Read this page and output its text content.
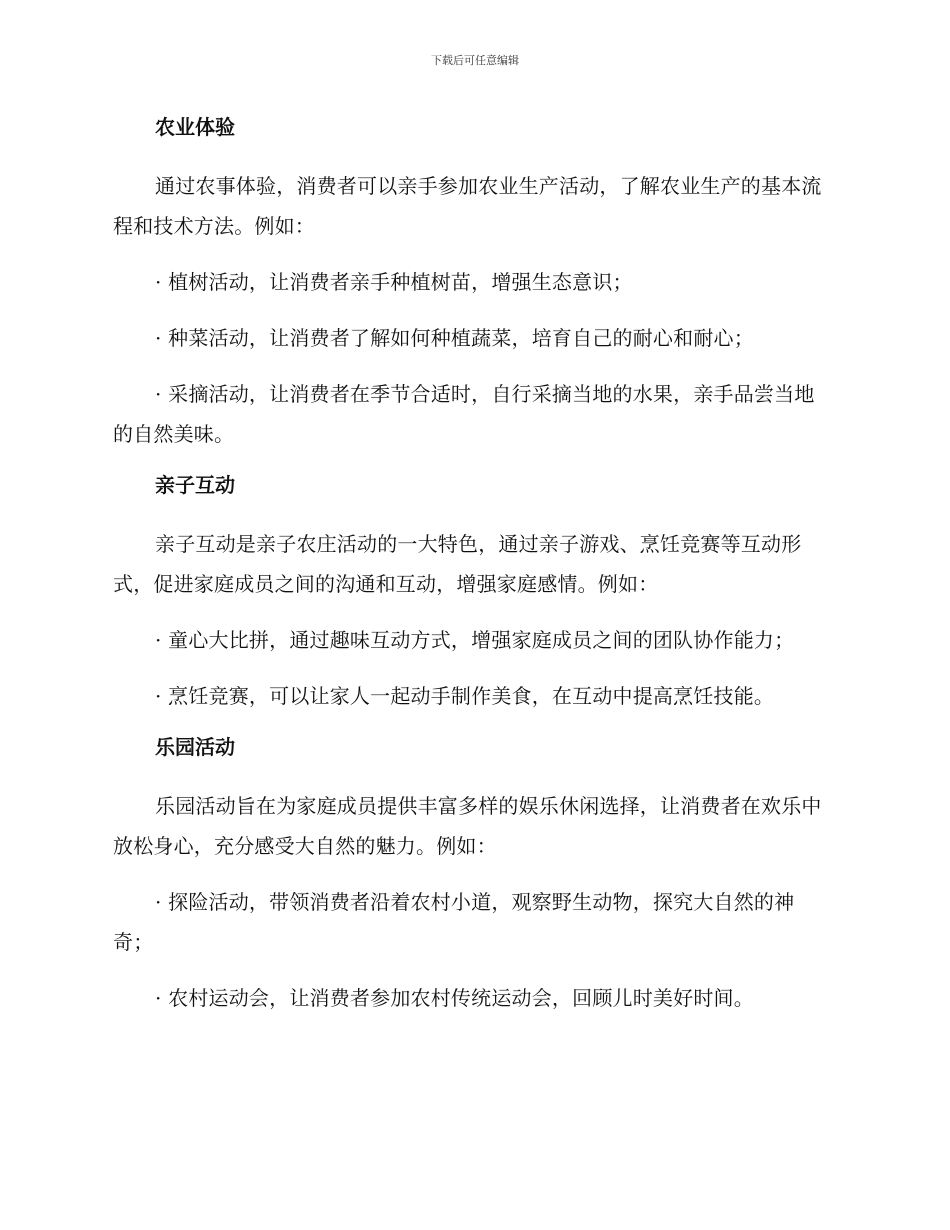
下载后可任意编辑
农业体验

通过农事体验，消费者可以亲手参加农业生产活动，了解农业生产的基本流程和技术方法。例如：

· 植树活动，让消费者亲手种植树苗，增强生态意识；

· 种菜活动，让消费者了解如何种植蔬菜，培育自己的耐心和耐心；

· 采摘活动，让消费者在季节合适时，自行采摘当地的水果，亲手品尝当地的自然美味。

亲子互动

亲子互动是亲子农庄活动的一大特色，通过亲子游戏、烹饪竞赛等互动形式，促进家庭成员之间的沟通和互动，增强家庭感情。例如：

· 童心大比拼，通过趣味互动方式，增强家庭成员之间的团队协作能力；

· 烹饪竞赛，可以让家人一起动手制作美食，在互动中提高烹饪技能。

乐园活动

乐园活动旨在为家庭成员提供丰富多样的娱乐休闲选择，让消费者在欢乐中放松身心，充分感受大自然的魅力。例如：

· 探险活动，带领消费者沿着农村小道，观察野生动物，探究大自然的神奇；

· 农村运动会，让消费者参加农村传统运动会，回顾儿时美好时间。
